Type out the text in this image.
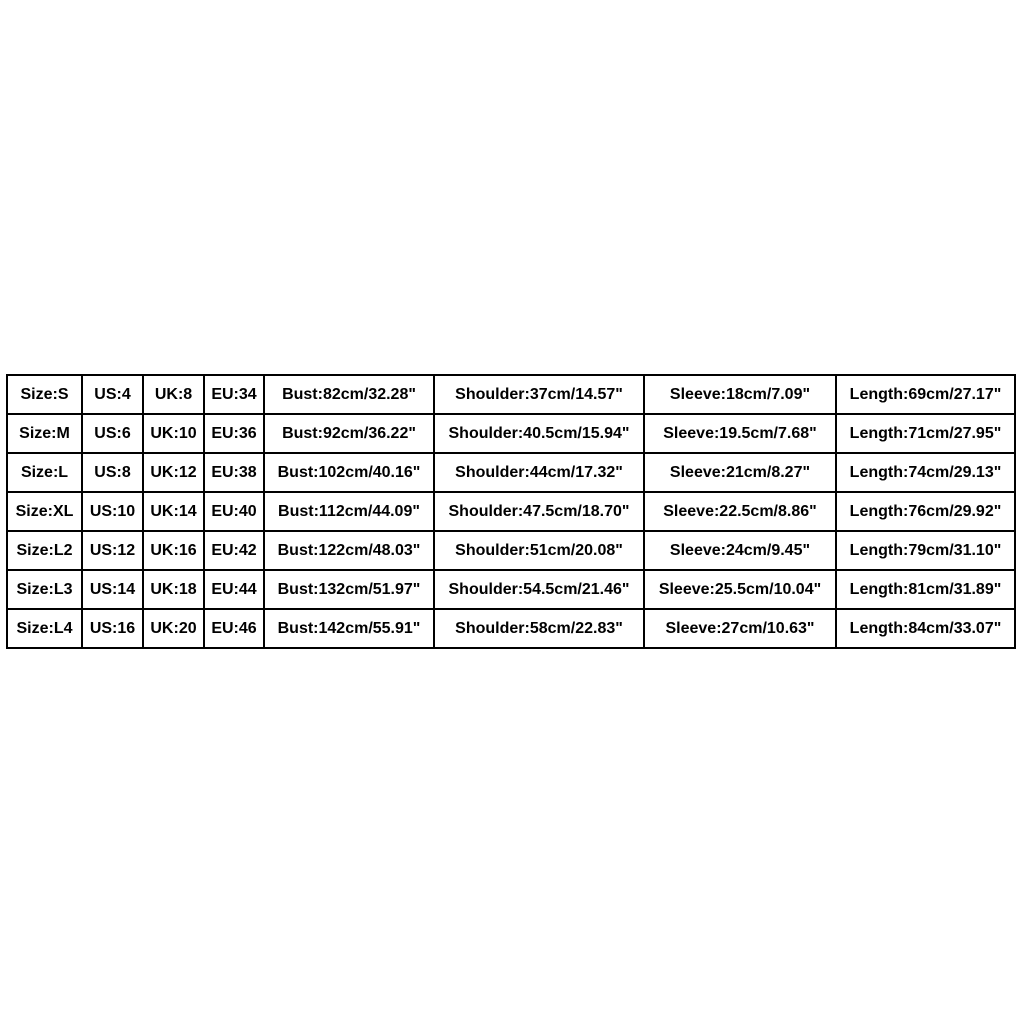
Size:S	US:4	UK:8	EU:34	Bust:82cm/32.28"	Shoulder:37cm/14.57"	Sleeve:18cm/7.09"	Length:69cm/27.17"
Size:M	US:6	UK:10	EU:36	Bust:92cm/36.22"	Shoulder:40.5cm/15.94"	Sleeve:19.5cm/7.68"	Length:71cm/27.95"
Size:L	US:8	UK:12	EU:38	Bust:102cm/40.16"	Shoulder:44cm/17.32"	Sleeve:21cm/8.27"	Length:74cm/29.13"
Size:XL	US:10	UK:14	EU:40	Bust:112cm/44.09"	Shoulder:47.5cm/18.70"	Sleeve:22.5cm/8.86"	Length:76cm/29.92"
Size:L2	US:12	UK:16	EU:42	Bust:122cm/48.03"	Shoulder:51cm/20.08"	Sleeve:24cm/9.45"	Length:79cm/31.10"
Size:L3	US:14	UK:18	EU:44	Bust:132cm/51.97"	Shoulder:54.5cm/21.46"	Sleeve:25.5cm/10.04"	Length:81cm/31.89"
Size:L4	US:16	UK:20	EU:46	Bust:142cm/55.91"	Shoulder:58cm/22.83"	Sleeve:27cm/10.63"	Length:84cm/33.07"
